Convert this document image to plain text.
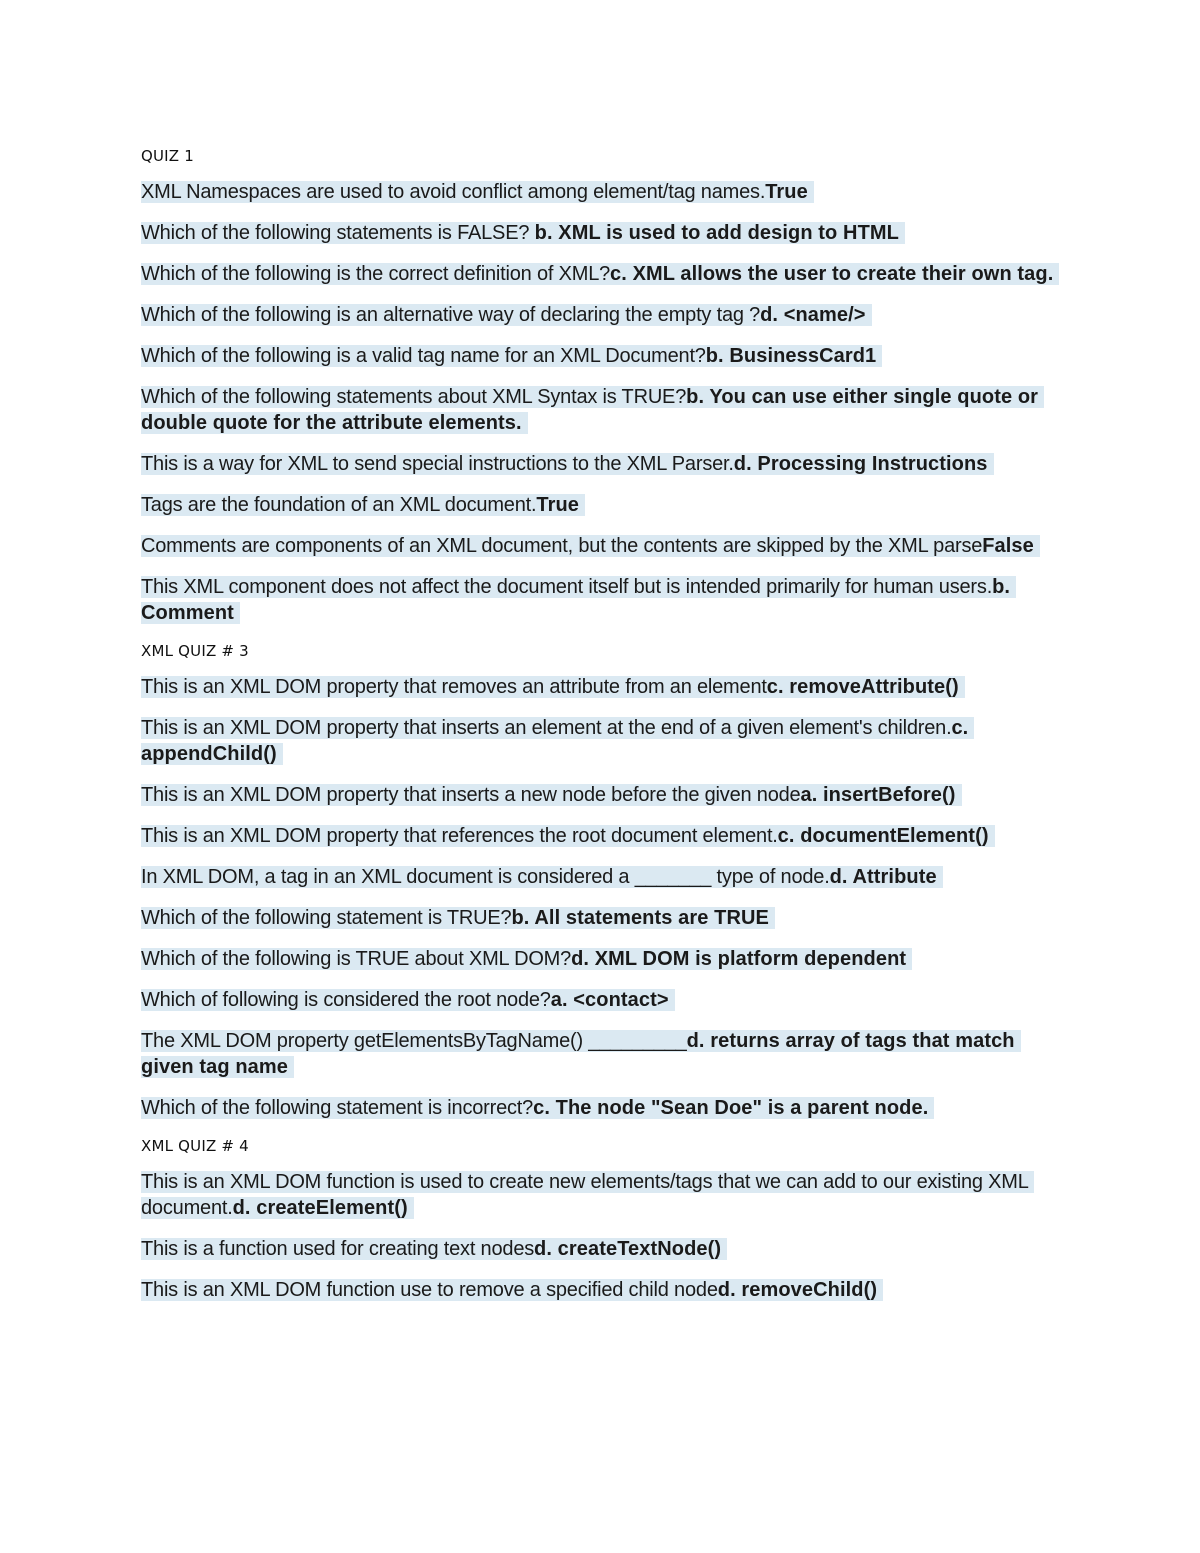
QUIZ 1

XML Namespaces are used to avoid conflict among element/tag names.True

Which of the following statements is FALSE? b. XML is used to add design to HTML

Which of the following is the correct definition of XML?c. XML allows the user to create their own tag.

Which of the following is an alternative way of declaring the empty tag ?d. <name/>

Which of the following is a valid tag name for an XML Document?b. BusinessCard1

Which of the following statements about XML Syntax is TRUE?b. You can use either single quote or double quote for the attribute elements.

This is a way for XML to send special instructions to the XML Parser.d. Processing Instructions

Tags are the foundation of an XML document.True

Comments are components of an XML document, but the contents are skipped by the XML parseFalse

This XML component does not affect the document itself but is intended primarily for human users.b. Comment

XML QUIZ # 3

This is an XML DOM property that removes an attribute from an elementc. removeAttribute()

This is an XML DOM property that inserts an element at the end of a given element's children.c. appendChild()

This is an XML DOM property that inserts a new node before the given nodea. insertBefore()

This is an XML DOM property that references the root document element.c. documentElement()

In XML DOM, a tag in an XML document is considered a _______ type of node.d. Attribute

Which of the following statement is TRUE?b. All statements are TRUE

Which of the following is TRUE about XML DOM?d. XML DOM is platform dependent

Which of following is considered the root node?a. <contact>

The XML DOM property getElementsByTagName() _________d. returns array of tags that match given tag name

Which of the following statement is incorrect?c. The node "Sean Doe" is a parent node.

XML QUIZ # 4

This is an XML DOM function is used to create new elements/tags that we can add to our existing XML document.d. createElement()

This is a function used for creating text nodesd. createTextNode()

This is an XML DOM function use to remove a specified child noded. removeChild()
